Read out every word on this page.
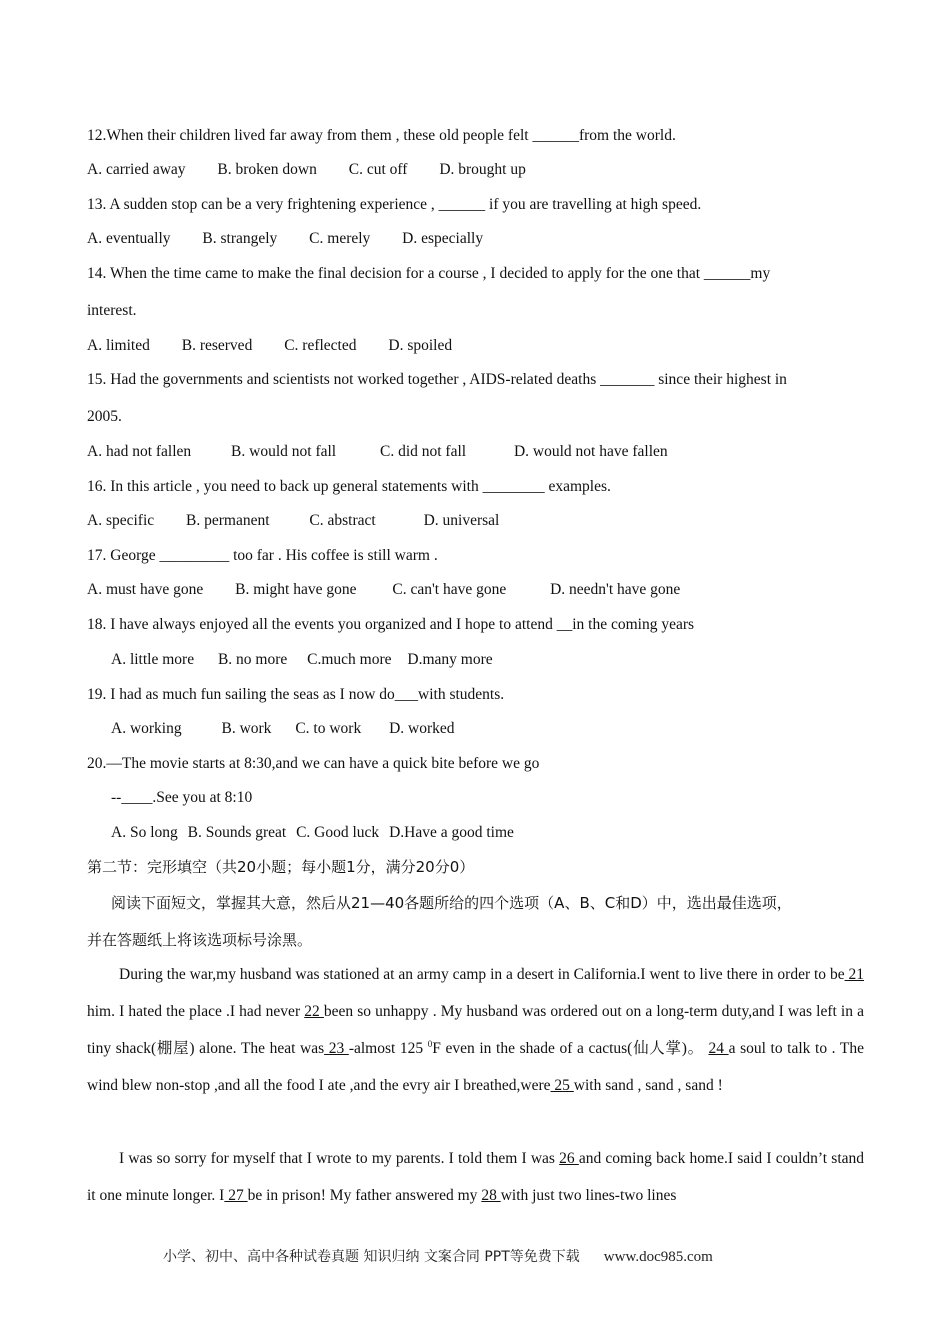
12.When their children lived far away from them , these old people felt ______from the world.
A. carried away B. broken down C. cut off D. brought up
13. A sudden stop can be a very frightening experience , ______ if you are travelling at high speed.
A. eventually B. strangely C. merely D. especially
14. When the time came to make the final decision for a course , I decided to apply for the one that ______my
interest.
A. limited B. reserved C. reflected D. spoiled
15. Had the governments and scientists not worked together , AIDS-related deaths _______ since their highest in
2005.
A. had not fallen	B. would not fall	C. did not fall	D. would not have fallen
16. In this article , you need to back up general statements with ________ examples.
A. specific B. permanent	C. abstract	D. universal
17. George _________ too far . His coffee is still warm .
A. must have gone B. might have gone C. can't have gone	D. needn't have gone
18. I have always enjoyed all the events you organized and I hope to attend __in the coming years
A. little more B. no more C.much more D.many more
19. I had as much fun sailing the seas as I now do___with students.
A. working	B. work C. to work D. worked
20.—The movie starts at 8:30,and we can have a quick bite before we go
--____.See you at 8:10
A. So long B. Sounds great C. Good luck D.Have a good time
第二节：完形填空（共20小题；每小题1分，满分20分0）
阅读下面短文，掌握其大意，然后从21—40各题所给的四个选项（A、B、C和D）中，选出最佳选项，
并在答题纸上将该选项标号涂黑。
During the war,my husband was stationed at an army camp in a desert in California.I went to live there in order to be 21 him. I hated the place .I had never 22 been so unhappy . My husband was ordered out on a long-term duty,and I was left in a tiny shack(棚屋) alone. The heat was 23 -almost 125 $^0$F even in the shade of a cactus(仙人掌)。 24 a soul to talk to . The wind blew non-stop ,and all the food I ate ,and the evry air I breathed,were 25 with sand , sand , sand !
I was so sorry for myself that I wrote to my parents. I told them I was 26 and coming back home.I said I couldn’t stand it one minute longer. I 27 be in prison! My father answered my 28 with just two lines-two lines
小学、初中、高中各种试卷真题 知识归纳 文案合同 PPT等免费下载 www.doc985.com
